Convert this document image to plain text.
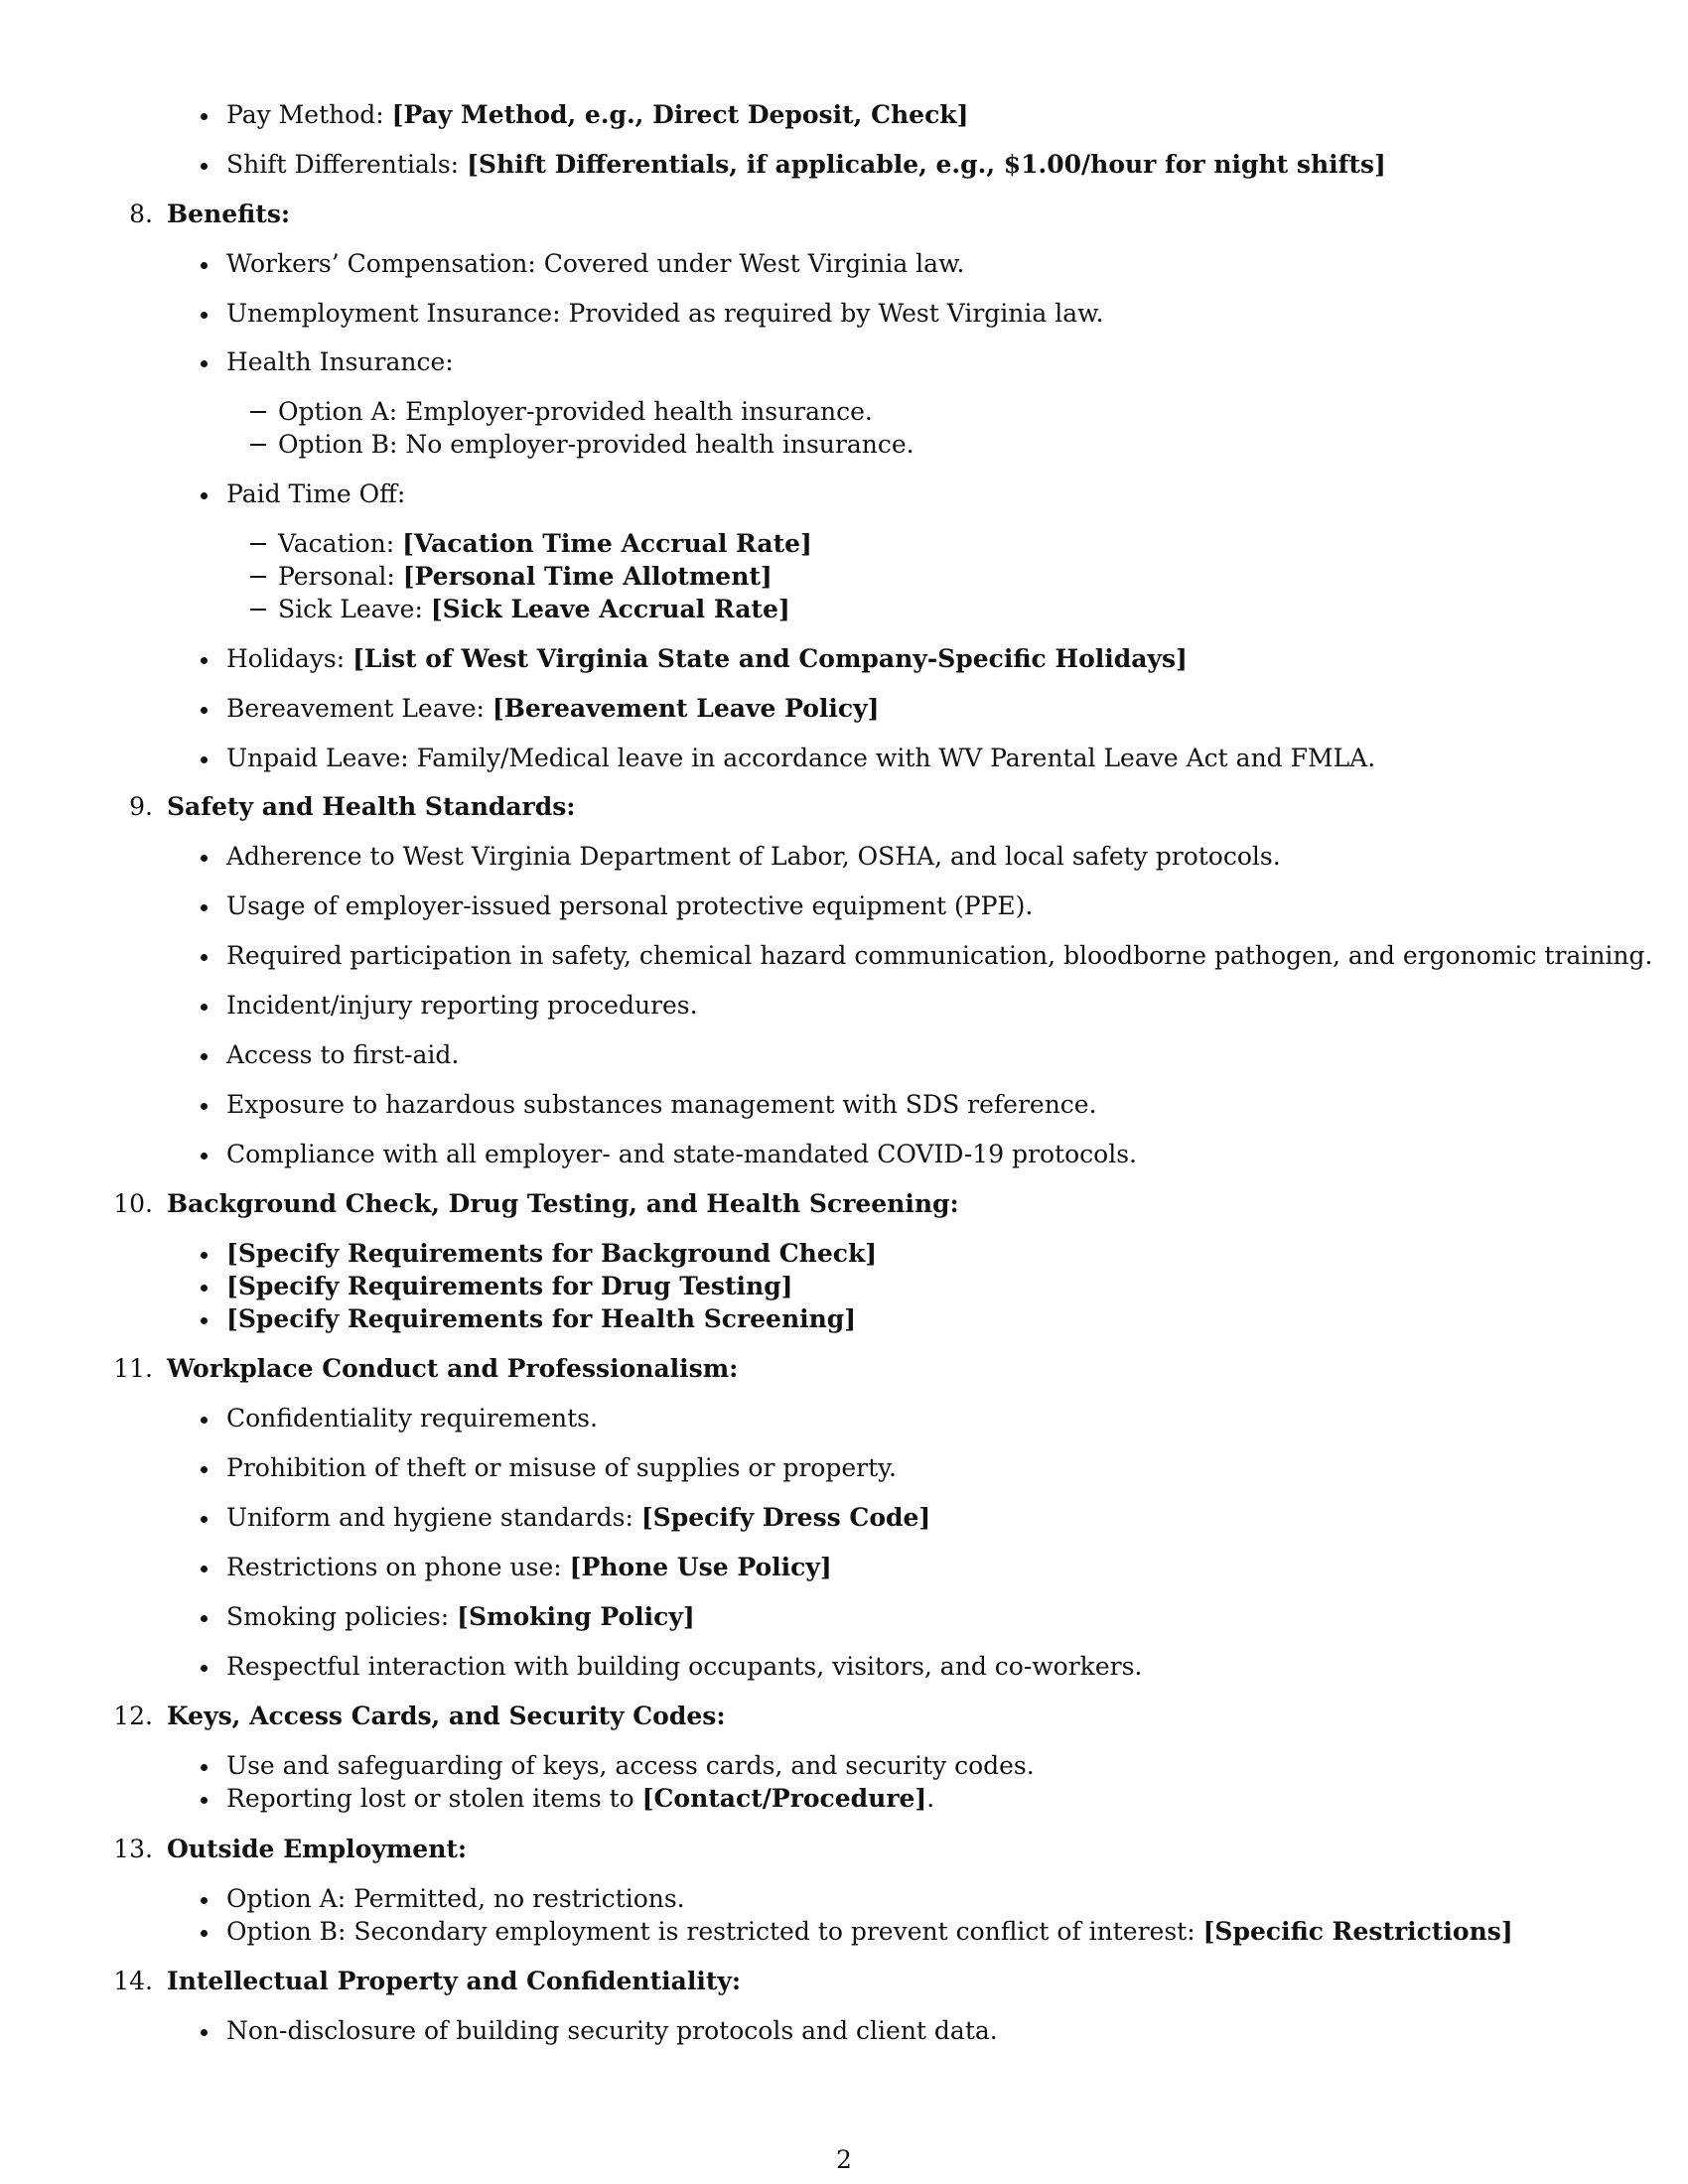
Pay Method: [Pay Method, e.g., Direct Deposit, Check]
Shift Differentials: [Shift Differentials, if applicable, e.g., $1.00/hour for night shifts]
8. Benefits:
Workers’ Compensation: Covered under West Virginia law.
Unemployment Insurance: Provided as required by West Virginia law.
Health Insurance:
Option A: Employer-provided health insurance.
Option B: No employer-provided health insurance.
Paid Time Off:
Vacation: [Vacation Time Accrual Rate]
Personal: [Personal Time Allotment]
Sick Leave: [Sick Leave Accrual Rate]
Holidays: [List of West Virginia State and Company-Specific Holidays]
Bereavement Leave: [Bereavement Leave Policy]
Unpaid Leave: Family/Medical leave in accordance with WV Parental Leave Act and FMLA.
9. Safety and Health Standards:
Adherence to West Virginia Department of Labor, OSHA, and local safety protocols.
Usage of employer-issued personal protective equipment (PPE).
Required participation in safety, chemical hazard communication, bloodborne pathogen, and ergonomic training.
Incident/injury reporting procedures.
Access to first-aid.
Exposure to hazardous substances management with SDS reference.
Compliance with all employer- and state-mandated COVID-19 protocols.
10. Background Check, Drug Testing, and Health Screening:
[Specify Requirements for Background Check]
[Specify Requirements for Drug Testing]
[Specify Requirements for Health Screening]
11. Workplace Conduct and Professionalism:
Confidentiality requirements.
Prohibition of theft or misuse of supplies or property.
Uniform and hygiene standards: [Specify Dress Code]
Restrictions on phone use: [Phone Use Policy]
Smoking policies: [Smoking Policy]
Respectful interaction with building occupants, visitors, and co-workers.
12. Keys, Access Cards, and Security Codes:
Use and safeguarding of keys, access cards, and security codes.
Reporting lost or stolen items to [Contact/Procedure].
13. Outside Employment:
Option A: Permitted, no restrictions.
Option B: Secondary employment is restricted to prevent conflict of interest: [Specific Restrictions]
14. Intellectual Property and Confidentiality:
Non-disclosure of building security protocols and client data.
2
